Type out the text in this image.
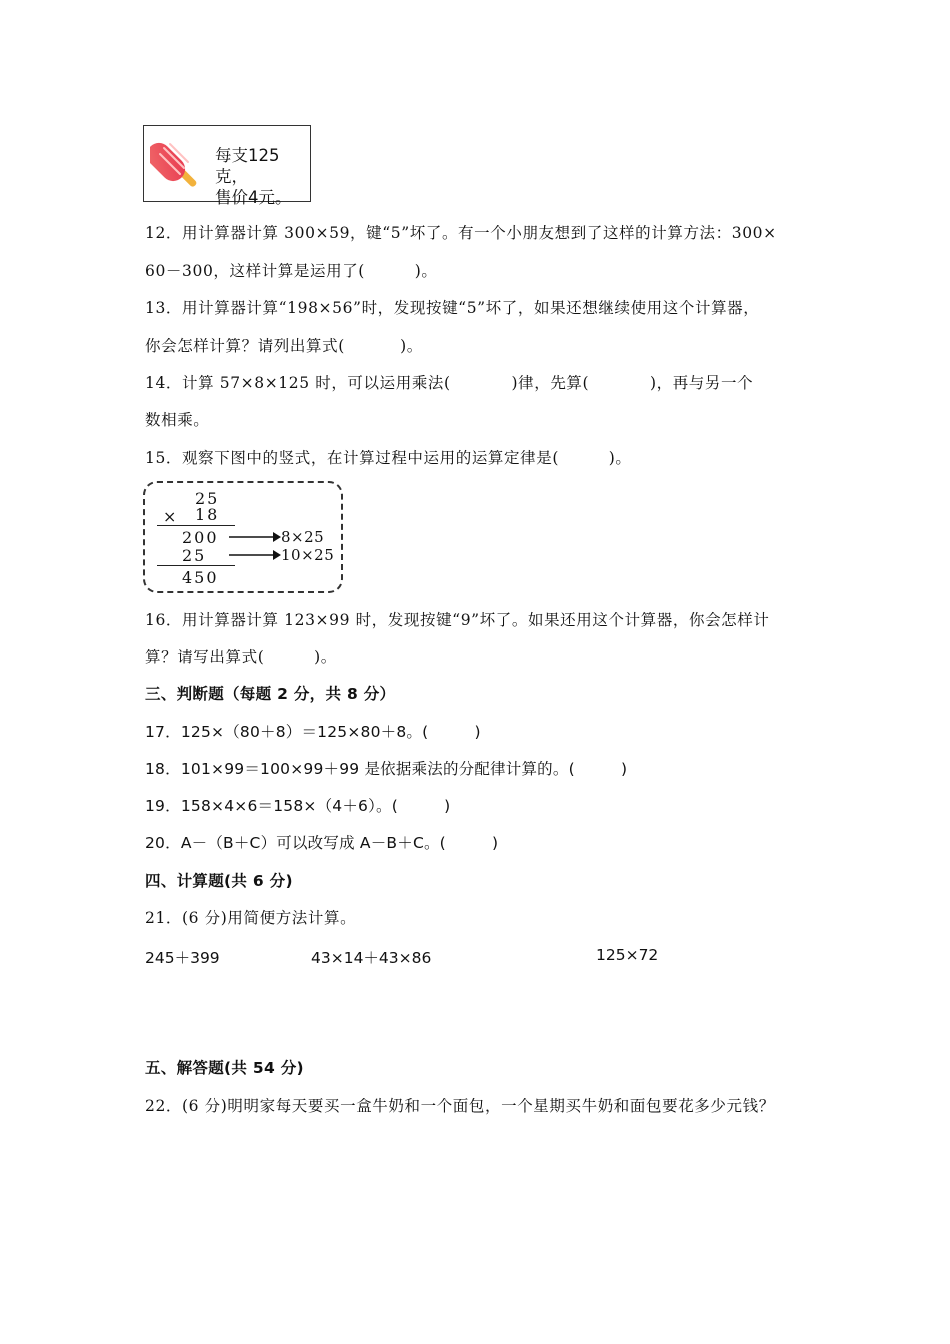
每支125克，
售价4元。
12．用计算器计算 300×59，键“5”坏了。有一个小朋友想到了这样的计算方法：300×
60－300，这样计算是运用了(         )。
13．用计算器计算“198×56”时，发现按键“5”坏了，如果还想继续使用这个计算器，
你会怎样计算？请列出算式(          )。
14．计算 57×8×125 时，可以运用乘法(           )律，先算(           )，再与另一个
数相乘。
15．观察下图中的竖式，在计算过程中运用的运算定律是(         )。
25
× 18
200
25
450
8×25
10×25
16．用计算器计算 123×99 时，发现按键“9”坏了。如果还用这个计算器，你会怎样计
算？请写出算式(         )。
三、判断题（每题 2 分，共 8 分）
17．125×（80＋8）＝125×80＋8。(         )
18．101×99＝100×99＋99 是依据乘法的分配律计算的。(         )
19．158×4×6＝158×（4＋6）。(         )
20．A－（B＋C）可以改写成 A－B＋C。(         )
四、计算题(共 6 分)
21．(6 分)用简便方法计算。
245＋399	43×14＋43×86	125×72
五、解答题(共 54 分)
22．(6 分)明明家每天要买一盒牛奶和一个面包，一个星期买牛奶和面包要花多少元钱？
